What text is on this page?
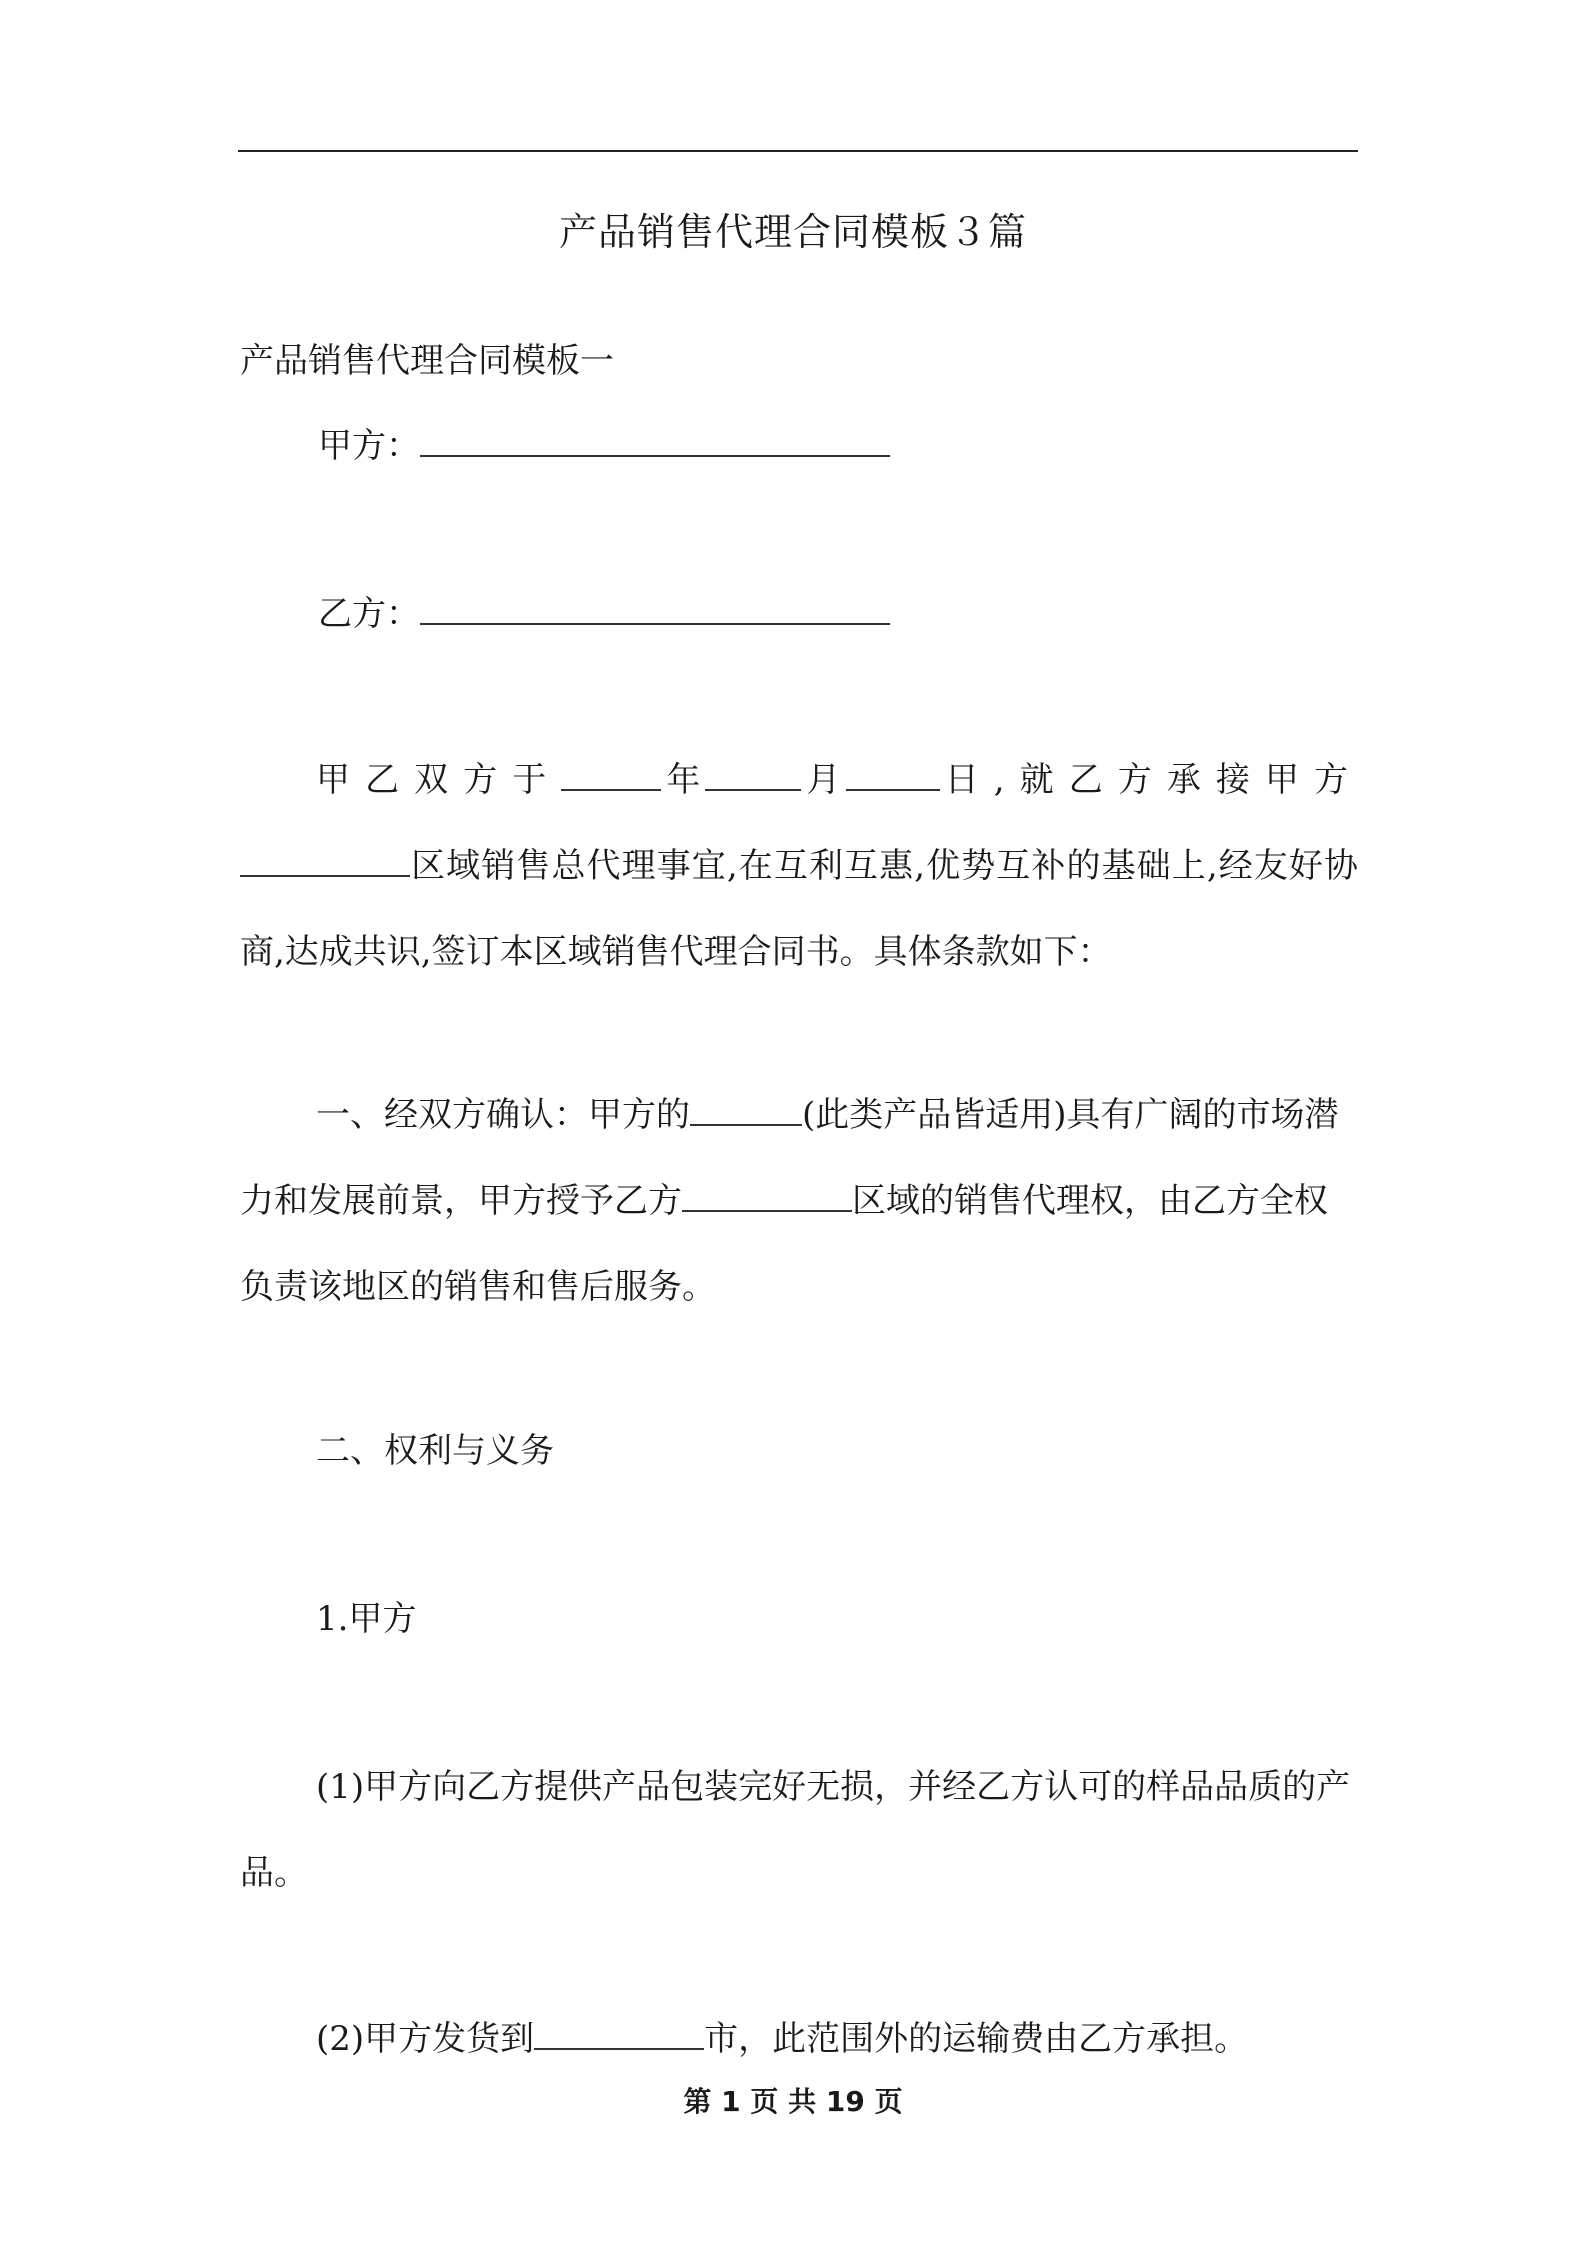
产品销售代理合同模板３篇
产品销售代理合同模板一
甲方：
乙方：
甲乙双方于	年	月	日,就乙方承接甲方 区域销售总代理事宜,在互利互惠,优势互补的基础上,经友好协商,达成共识,签订本区域销售代理合同书。具体条款如下：
一、经双方确认：甲方的	(此类产品皆适用)具有广阔的市场潜力和发展前景，甲方授予乙方	区域的销售代理权，由乙方全权负责该地区的销售和售后服务。
二、权利与义务
1.甲方
(1)甲方向乙方提供产品包装完好无损，并经乙方认可的样品品质的产品。
(2)甲方发货到	市，此范围外的运输费由乙方承担。
第 1 页 共 19 页
